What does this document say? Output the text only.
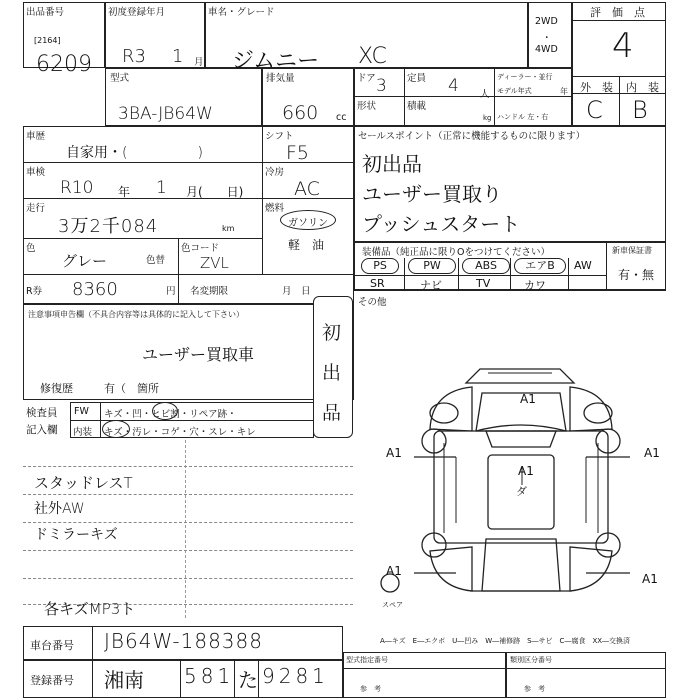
出品番号
[2164]
6209
初度登録年月
R3 1 月
車名・グレード
ジムニー XC
2WD
・
4WD
評　価　点
4
外　装 内　装
C B
型式
3BA-JB64W
排気量
660 cc
ドア 3 定員 4 人
ディーラー・並行
モデル年式	年
形状	積載
kg ハンドル 左・右
車歴
自家用・(　　　　　)
シフト
F5
車検
R10 年 1 月(　　日)
冷房
AC
走行
3万2千084	km
燃料
ガソリン
軽　油
色
グレー	色替
色コード
ZVL
R券 8360	円 名変期限	月　日
セールスポイント（正常に機能するものに限ります）
初出品
ユーザー買取り
プッシュスタート
装備品（純正品に限りOをつけてください）	新車保証書
有・無
PS	PW	ABS	エアB	AW
SR	ナビ	TV	カワ
その他
注意事項申告欄（不具合内容等は具体的に記入して下さい）
ユーザー買取車
修復歴	有（　箇所
初
出
品
検査員
記入欄
FW キズ・凹・ヒビ割・リペア跡・
内装 キズ・汚レ・コゲ・穴・スレ・キレ
スタッドレスT
社外AW
ドミラーキズ
各キズMP3ト
A1
A1	A1
A1
ダ
A1
A1
スペア
A―キズ　E―エクボ　U―凹み　W―補修跡　S―サビ　C―腐食　XX―交換済
車台番号 JB64W-188388
登録番号 湘南 581 た 9281
型式指定番号
参　考
類別区分番号
参　考
